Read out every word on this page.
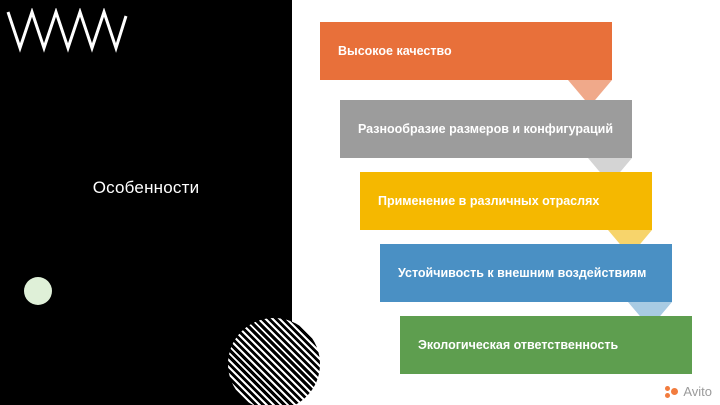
Особенности
Высокое качество
Разнообразие размеров и конфигураций
Применение в различных отраслях
Устойчивость к внешним воздействиям
Экологическая ответственность
Avito
